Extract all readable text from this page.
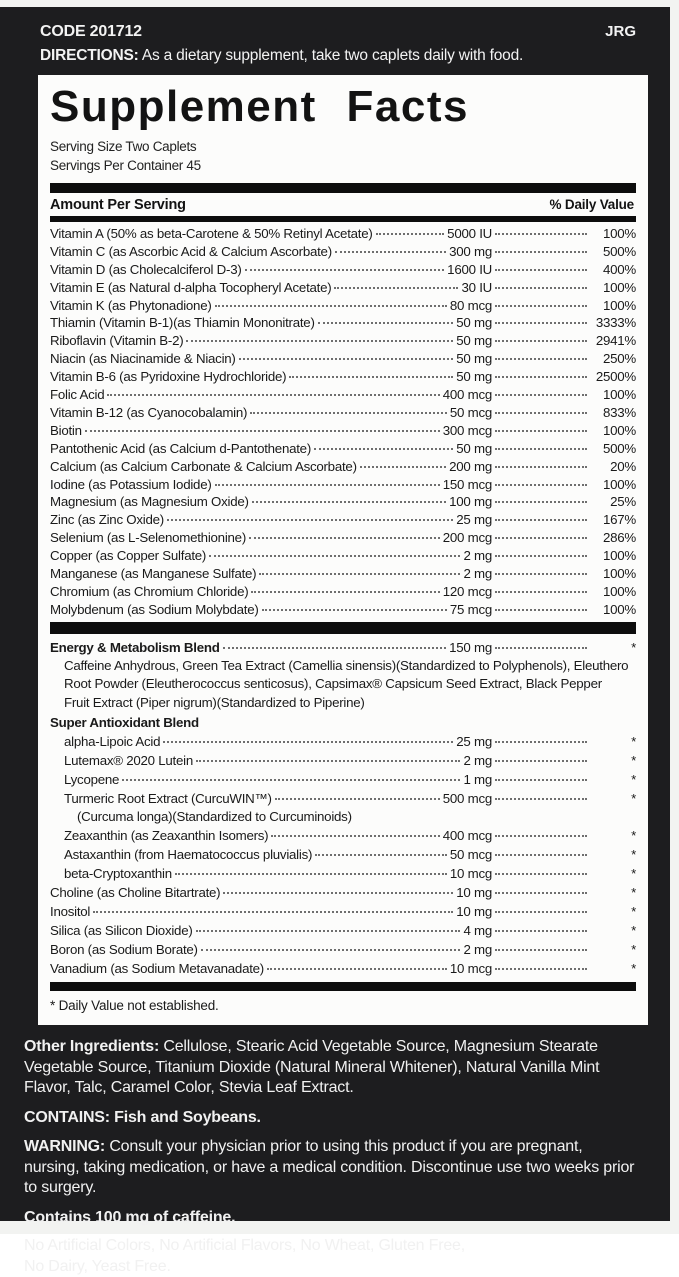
CODE 201712	JRG
DIRECTIONS: As a dietary supplement, take two caplets daily with food.
Supplement Facts
Serving Size Two Caplets
Servings Per Container 45
Amount Per Serving	% Daily Value
Vitamin A (50% as beta-Carotene & 50% Retinyl Acetate)	5000 IU	100%
Vitamin C (as Ascorbic Acid & Calcium Ascorbate)	300 mg	500%
Vitamin D (as Cholecalciferol D-3)	1600 IU	400%
Vitamin E (as Natural d-alpha Tocopheryl Acetate)	30 IU	100%
Vitamin K (as Phytonadione)	80 mcg	100%
Thiamin (Vitamin B-1)(as Thiamin Mononitrate)	50 mg	3333%
Riboflavin (Vitamin B-2)	50 mg	2941%
Niacin (as Niacinamide & Niacin)	50 mg	250%
Vitamin B-6 (as Pyridoxine Hydrochloride)	50 mg	2500%
Folic Acid	400 mcg	100%
Vitamin B-12 (as Cyanocobalamin)	50 mcg	833%
Biotin	300 mcg	100%
Pantothenic Acid (as Calcium d-Pantothenate)	50 mg	500%
Calcium (as Calcium Carbonate & Calcium Ascorbate)	200 mg	20%
Iodine (as Potassium Iodide)	150 mcg	100%
Magnesium (as Magnesium Oxide)	100 mg	25%
Zinc (as Zinc Oxide)	25 mg	167%
Selenium (as L-Selenomethionine)	200 mcg	286%
Copper (as Copper Sulfate)	2 mg	100%
Manganese (as Manganese Sulfate)	2 mg	100%
Chromium (as Chromium Chloride)	120 mcg	100%
Molybdenum (as Sodium Molybdate)	75 mcg	100%
Energy & Metabolism Blend	150 mg	*
Caffeine Anhydrous, Green Tea Extract (Camellia sinensis)(Standardized to Polyphenols), Eleuthero Root Powder (Eleutherococcus senticosus), Capsimax® Capsicum Seed Extract, Black Pepper Fruit Extract (Piper nigrum)(Standardized to Piperine)
Super Antioxidant Blend
alpha-Lipoic Acid	25 mg	*
Lutemax® 2020 Lutein	2 mg	*
Lycopene	1 mg	*
Turmeric Root Extract (CurcuWIN™)	500 mcg	*
(Curcuma longa)(Standardized to Curcuminoids)
Zeaxanthin (as Zeaxanthin Isomers)	400 mcg	*
Astaxanthin (from Haematococcus pluvialis)	50 mcg	*
beta-Cryptoxanthin	10 mcg	*
Choline (as Choline Bitartrate)	10 mg	*
Inositol	10 mg	*
Silica (as Silicon Dioxide)	4 mg	*
Boron (as Sodium Borate)	2 mg	*
Vanadium (as Sodium Metavanadate)	10 mcg	*
* Daily Value not established.

Other Ingredients: Cellulose, Stearic Acid Vegetable Source, Magnesium Stearate Vegetable Source, Titanium Dioxide (Natural Mineral Whitener), Natural Vanilla Mint Flavor, Talc, Caramel Color, Stevia Leaf Extract.

CONTAINS: Fish and Soybeans.

WARNING: Consult your physician prior to using this product if you are pregnant, nursing, taking medication, or have a medical condition. Discontinue use two weeks prior to surgery.

Contains 100 mg of caffeine.

No Artificial Colors, No Artificial Flavors, No Wheat, Gluten Free,
No Dairy, Yeast Free.
